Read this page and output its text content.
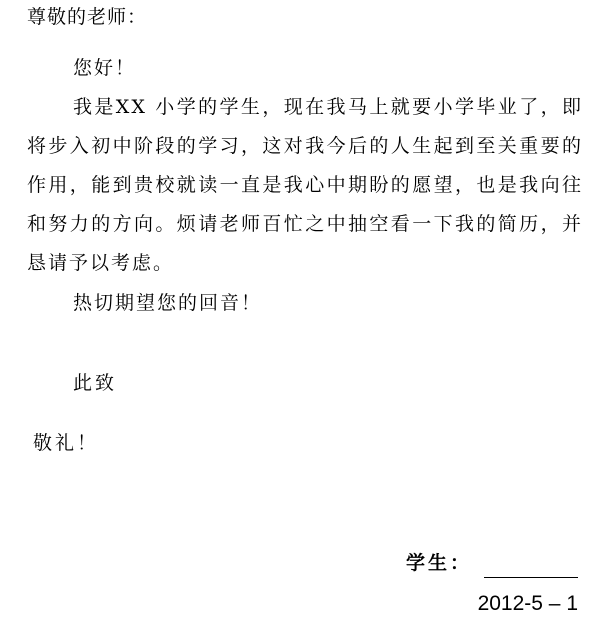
尊敬的老师：

您好！

我是XX 小学的学生，现在我马上就要小学毕业了，即将步入初中阶段的学习，这对我今后的人生起到至关重要的作用，能到贵校就读一直是我心中期盼的愿望，也是我向往和努力的方向。烦请老师百忙之中抽空看一下我的简历，并恳请予以考虑。

热切期望您的回音！

此致

敬礼！

学生：

2012-5 – 1
